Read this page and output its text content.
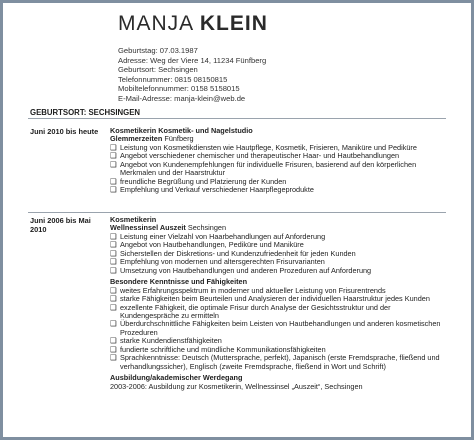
MANJA KLEIN
Geburtstag: 07.03.1987
Adresse: Weg der Viere 14, 11234 Fünfberg
Geburtsort: Sechsingen
Telefonnummer: 0815 08150815
Mobiltelefonnummer: 0158 5158015
E-Mail-Adresse: manja-klein@web.de
GEBURTSORT: SECHSINGEN
Juni 2010 bis heute	Kosmetikerin Kosmetik- und Nagelstudio
Glemmerzeiten Fünfberg
❑ Leistung von Kosmetikdiensten wie Hautpflege, Kosmetik, Frisieren, Maniküre und Pediküre
❑ Angebot verschiedener chemischer und therapeutischer Haar- und Hautbehandlungen
❑ Angebot von Kundenempfehlungen für individuelle Frisuren, basierend auf den körperlichen Merkmalen und der Haarstruktur
❑ freundliche Begrüßung und Platzierung der Kunden
❑ Empfehlung und Verkauf verschiedener Haarpflegeprodukte
Juni 2006 bis Mai 2010
Kosmetikerin
Wellnessinsel Auszeit Sechsingen
❑ Leistung einer Vielzahl von Haarbehandlungen auf Anforderung
❑ Angebot von Hautbehandlungen, Pediküre und Maniküre
❑ Sicherstellen der Diskretions- und Kundenzufriedenheit für jeden Kunden
❑ Empfehlung von modernen und altersgerechten Frisurvarianten
❑ Umsetzung von Hautbehandlungen und anderen Prozeduren auf Anforderung
Besondere Kenntnisse und Fähigkeiten
❑ weites Erfahrungsspektrum in moderner und aktueller Leistung von Frisurentrends
❑ starke Fähigkeiten beim Beurteilen und Analysieren der individuellen Haarstruktur jedes Kunden
❑ exzellente Fähigkeit, die optimale Frisur durch Analyse der Gesichtsstruktur und der Kundengespräche zu ermitteln
❑ Überdurchschnittliche Fähigkeiten beim Leisten von Hautbehandlungen und anderen kosmetischen Prozeduren
❑ starke Kundendienstfähigkeiten
❑ fundierte schriftliche und mündliche Kommunikationsfähigkeiten
❑ Sprachkenntnisse: Deutsch (Muttersprache, perfekt), Japanisch (erste Fremdsprache, fließend und verhandlungssicher), Englisch (zweite Fremdsprache, fließend in Wort und Schrift)
Ausbildung/akademischer Werdegang
2003-2006: Ausbildung zur Kosmetikerin, Wellnessinsel „Auszeit“, Sechsingen
